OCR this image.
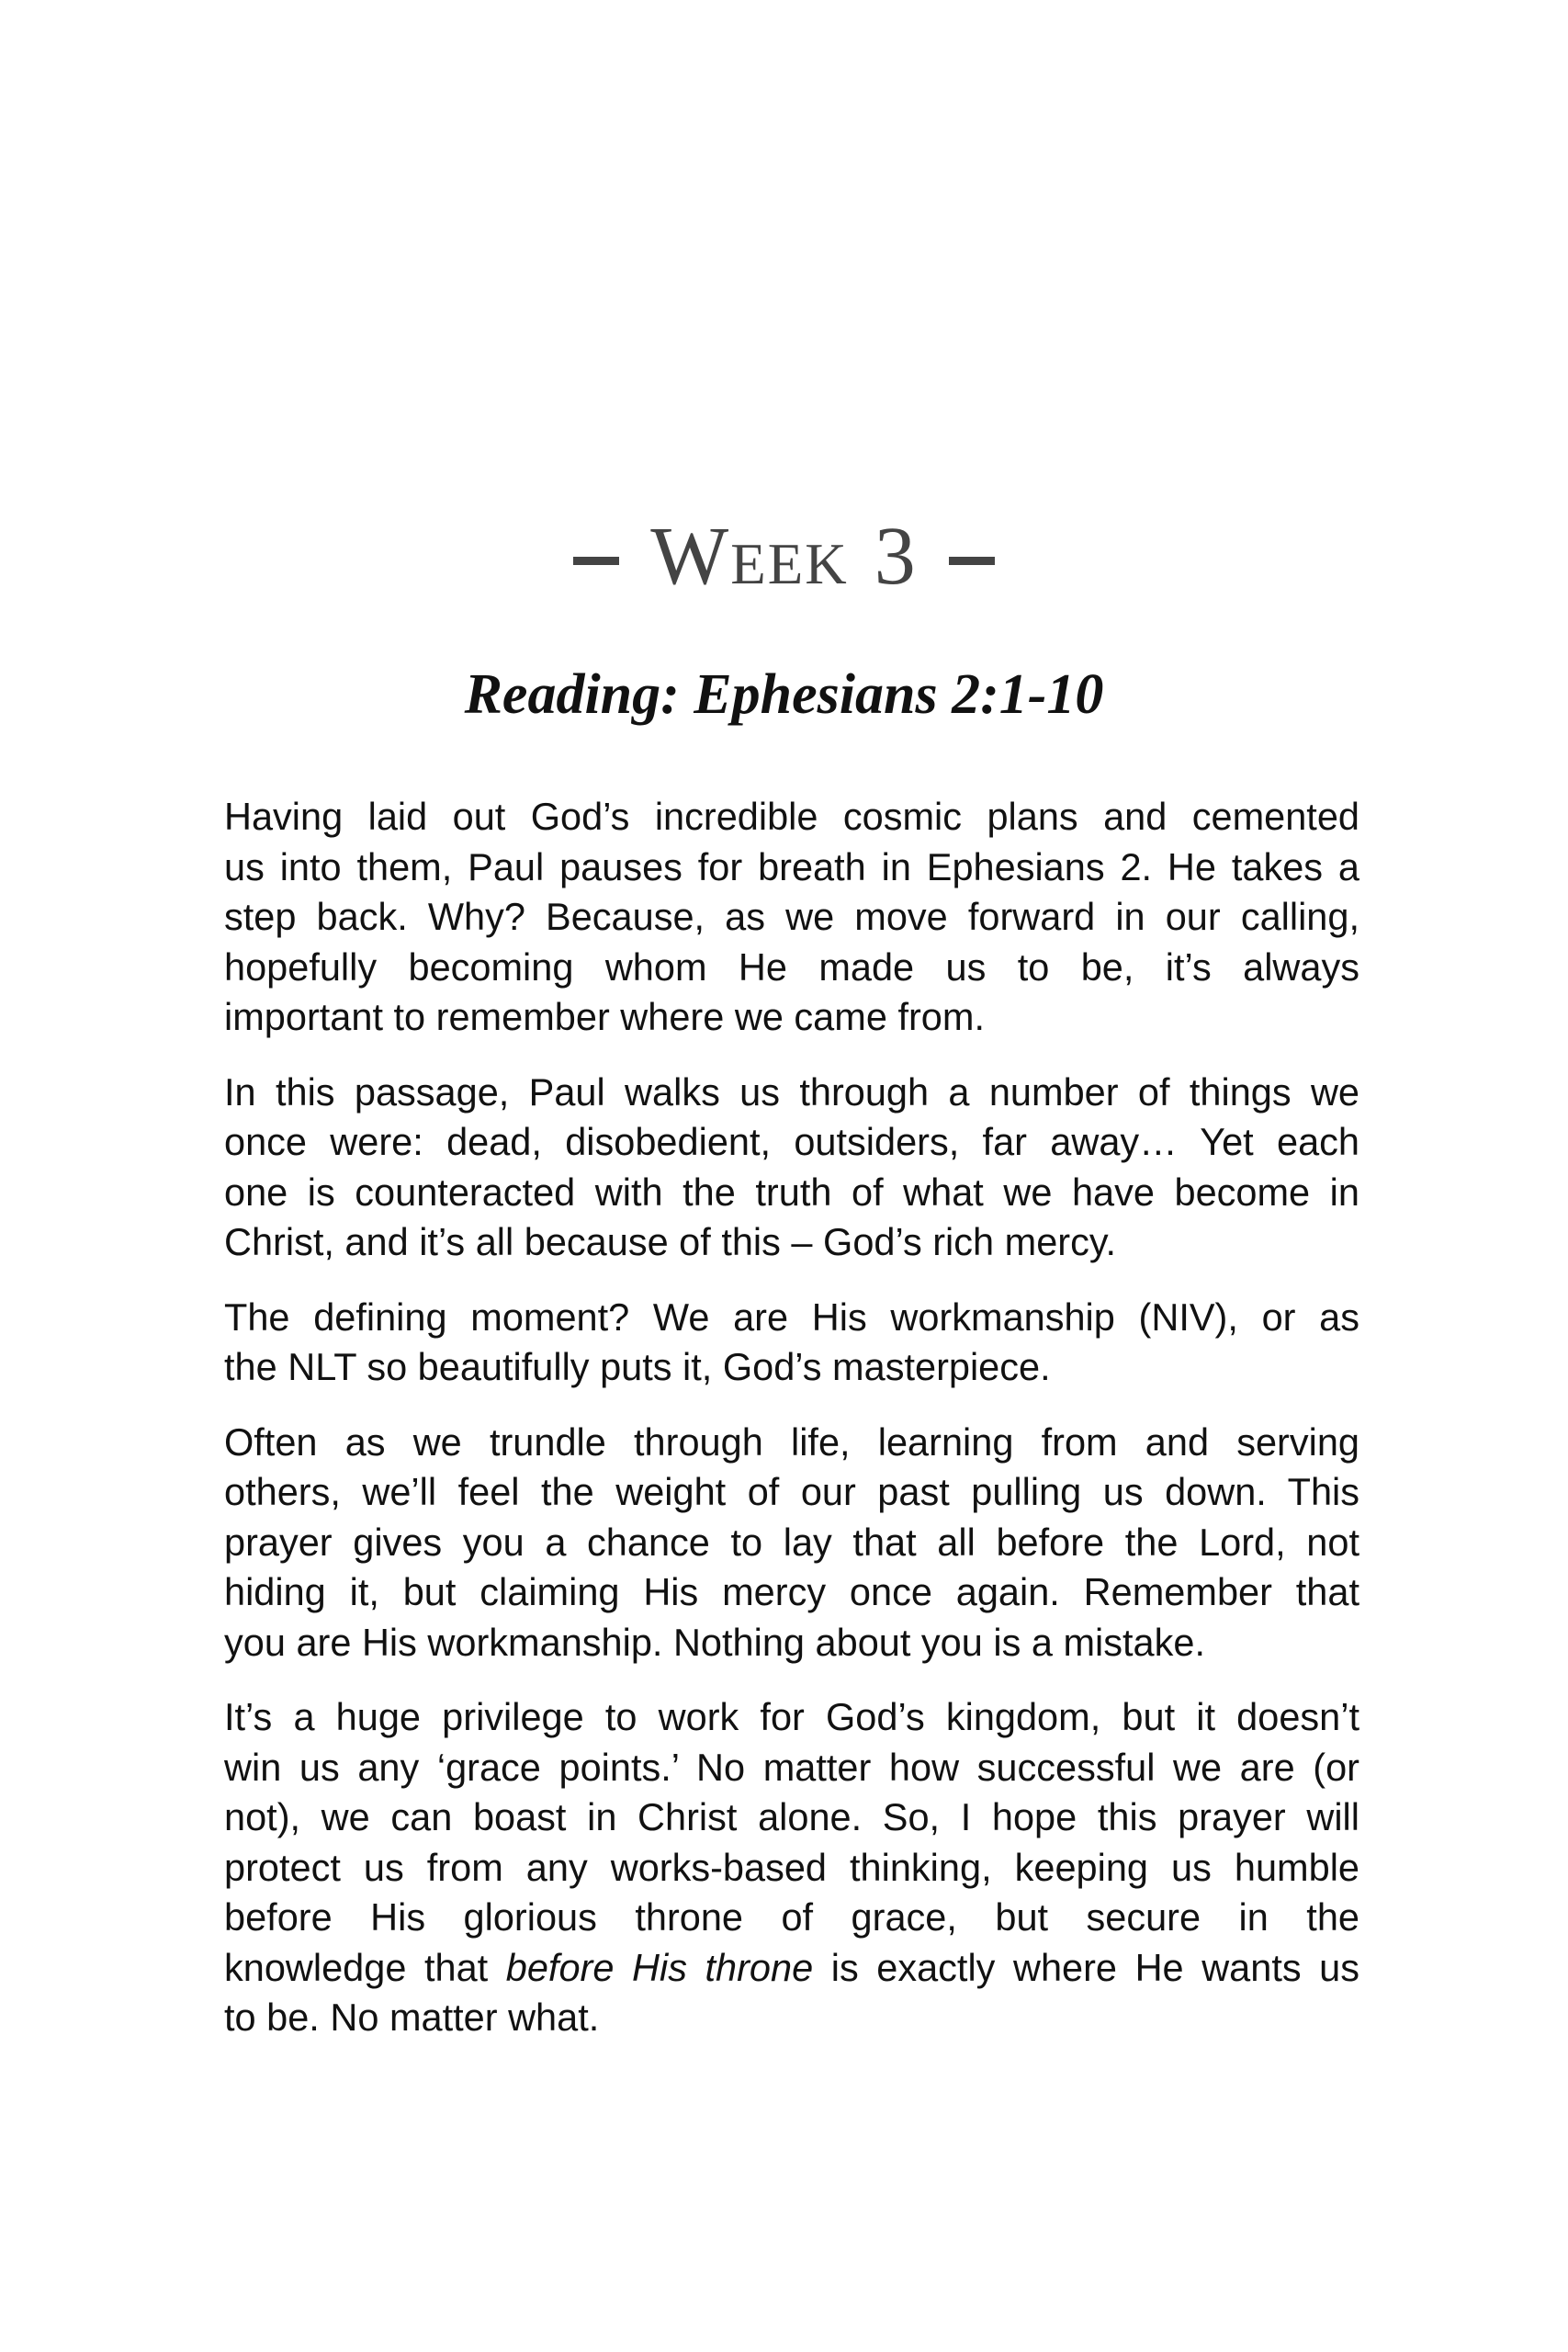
Week 3
Reading: Ephesians 2:1-10

Having laid out God’s incredible cosmic plans and cemented
us into them, Paul pauses for breath in Ephesians 2. He takes a
step back. Why? Because, as we move forward in our calling,
hopefully becoming whom He made us to be, it’s always
important to remember where we came from.

In this passage, Paul walks us through a number of things we
once were: dead, disobedient, outsiders, far away… Yet each
one is counteracted with the truth of what we have become in
Christ, and it’s all because of this – God’s rich mercy.

The defining moment? We are His workmanship (NIV), or as
the NLT so beautifully puts it, God’s masterpiece.

Often as we trundle through life, learning from and serving
others, we’ll feel the weight of our past pulling us down. This
prayer gives you a chance to lay that all before the Lord, not
hiding it, but claiming His mercy once again. Remember that
you are His workmanship. Nothing about you is a mistake.

It’s a huge privilege to work for God’s kingdom, but it doesn’t
win us any ‘grace points.’ No matter how successful we are (or
not), we can boast in Christ alone. So, I hope this prayer will
protect us from any works-based thinking, keeping us humble
before His glorious throne of grace, but secure in the
knowledge that before His throne is exactly where He wants us
to be. No matter what.
